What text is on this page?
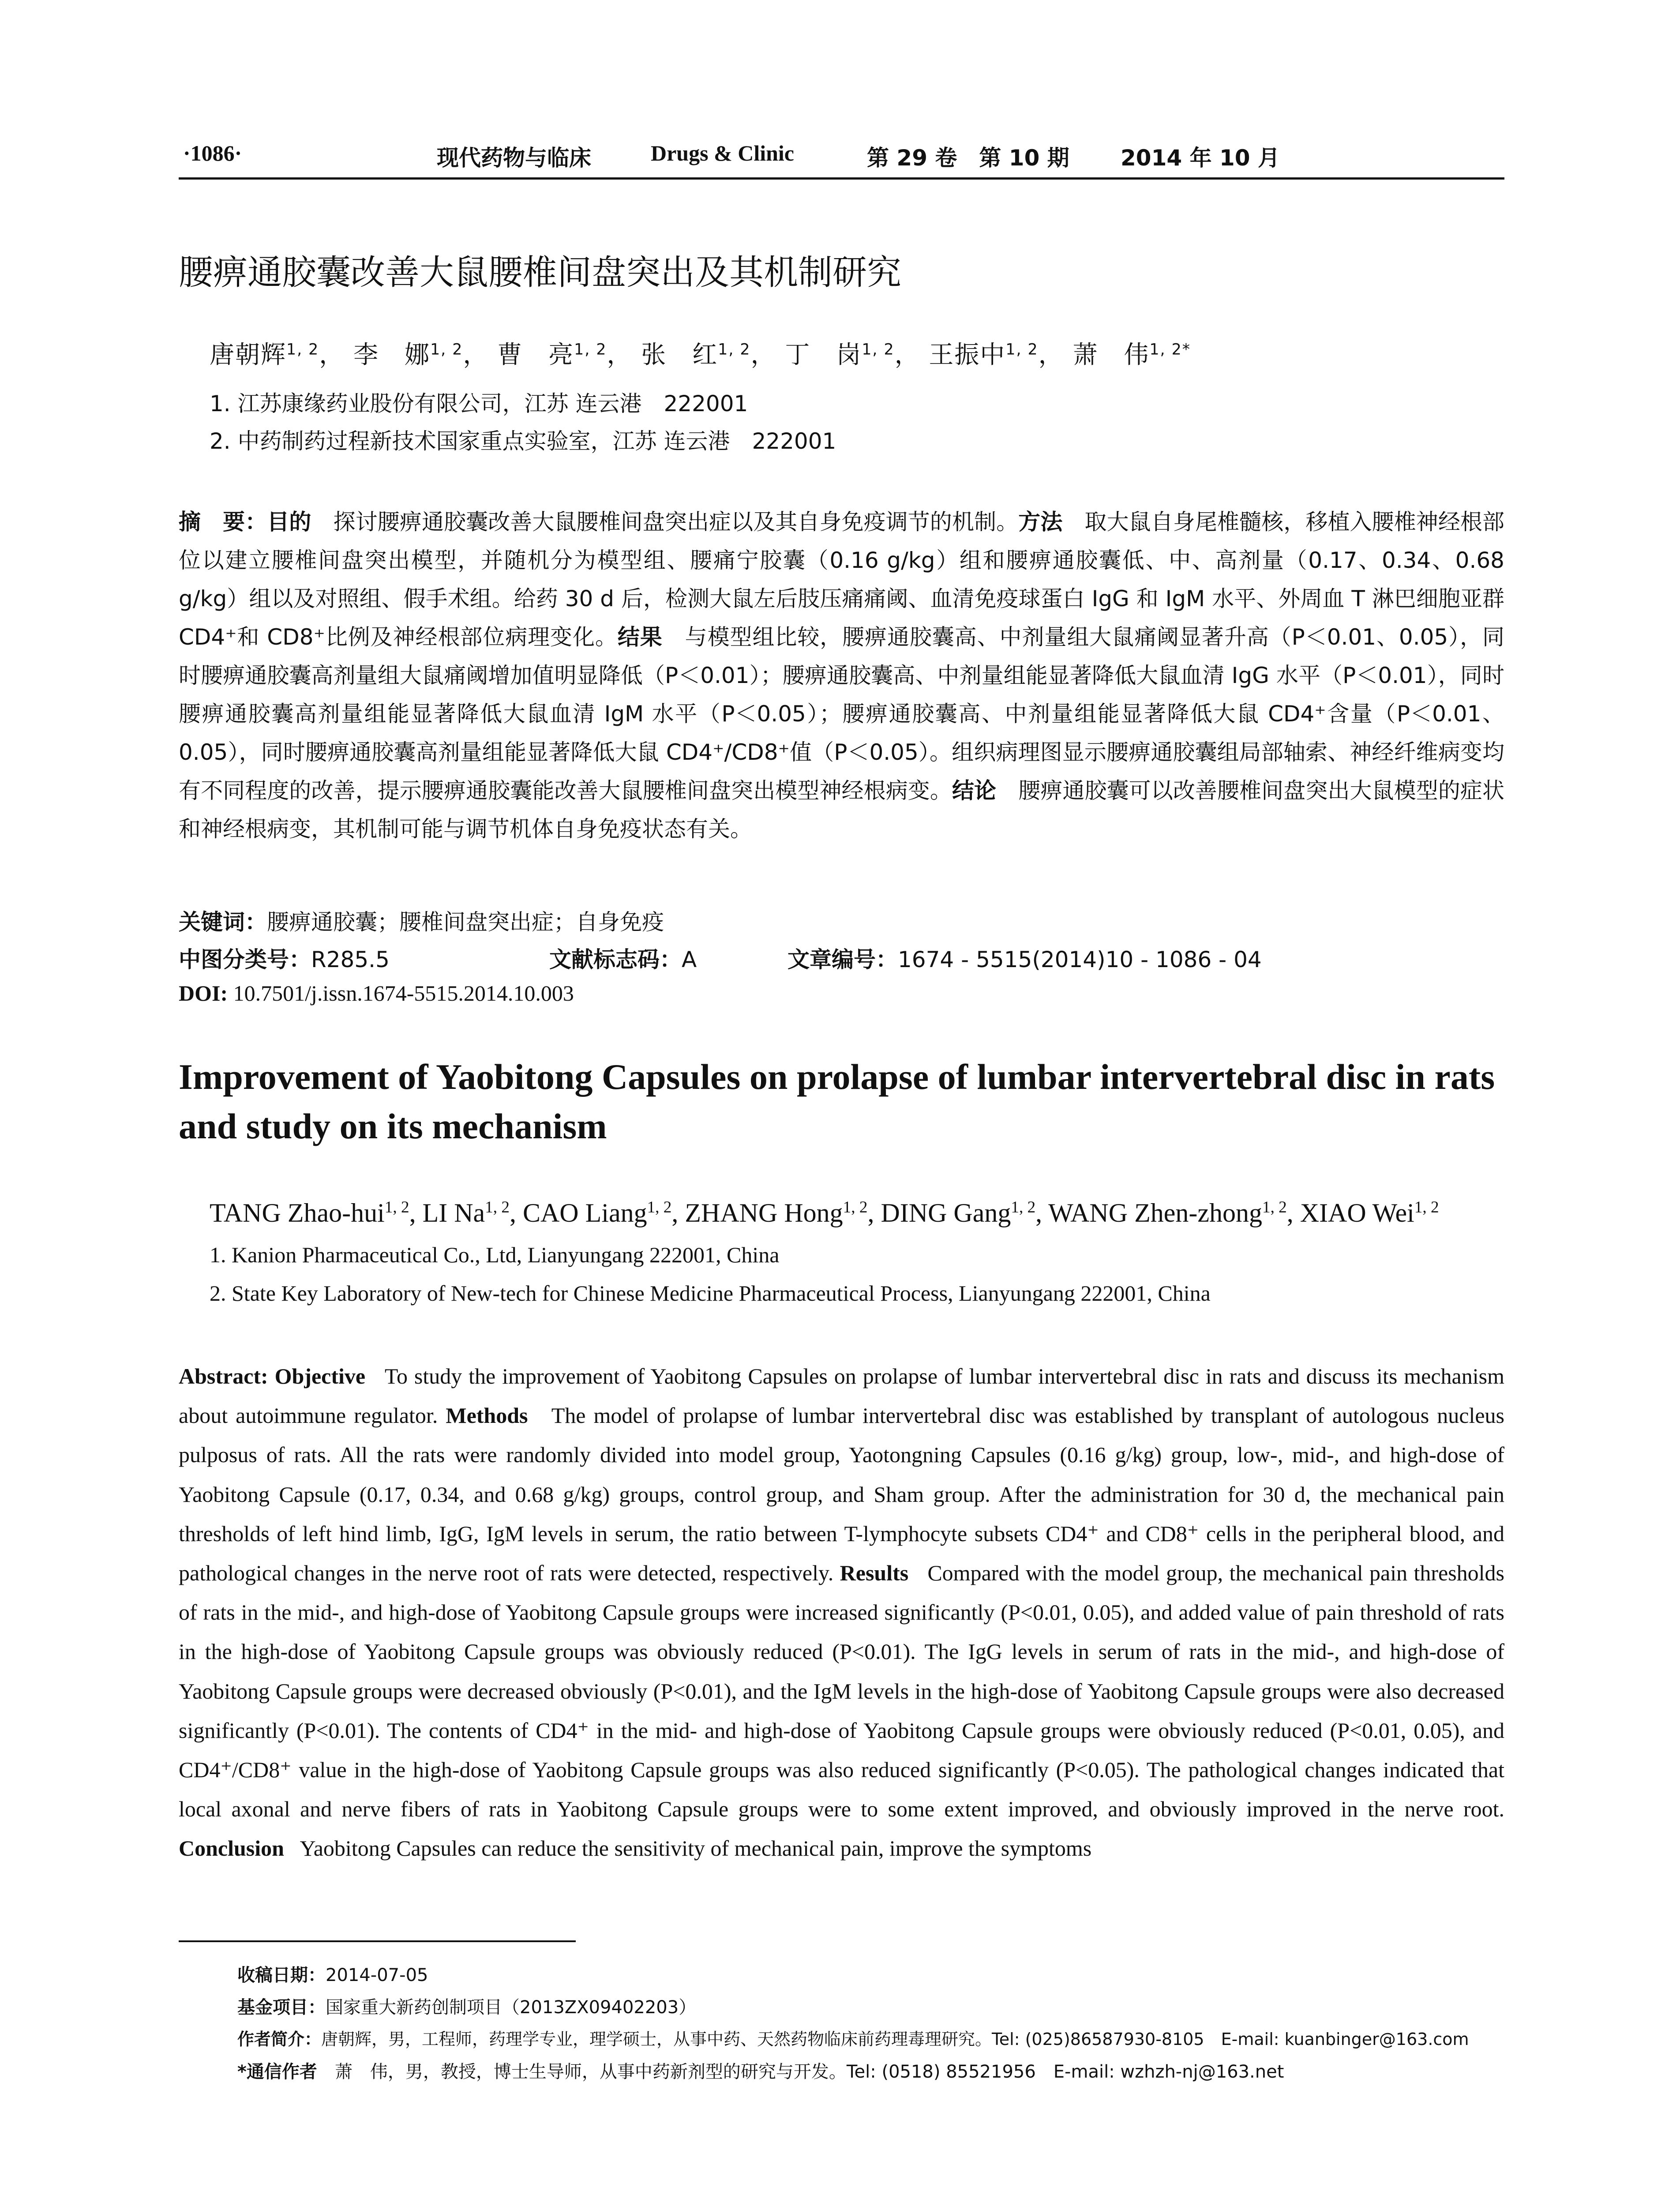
·1086·	现代药物与临床	Drugs & Clinic	第 29 卷　第 10 期 2014 年 10 月
腰痹通胶囊改善大鼠腰椎间盘突出及其机制研究
唐朝辉$^{1, 2}$， 李　娜$^{1, 2}$， 曹　亮$^{1, 2}$， 张　红$^{1, 2}$， 丁　岗$^{1, 2}$， 王振中$^{1, 2}$， 萧　伟$^{1, 2*}$
1. 江苏康缘药业股份有限公司，江苏 连云港　222001
2. 中药制药过程新技术国家重点实验室，江苏 连云港　222001
摘　要：目的　 探讨腰痹通胶囊改善大鼠腰椎间盘突出症以及其自身免疫调节的机制。方法　 取大鼠自身尾椎髓核，移植入腰椎神经根部位以建立腰椎间盘突出模型，并随机分为模型组、腰痛宁胶囊（0.16 g/kg）组和腰痹通胶囊低、中、高剂量（0.17、0.34、0.68 g/kg）组以及对照组、假手术组。给药 30 d 后，检测大鼠左后肢压痛痛阈、血清免疫球蛋白 IgG 和 IgM 水平、外周血 T 淋巴细胞亚群 CD4⁺和 CD8⁺比例及神经根部位病理变化。结果　 与模型组比较，腰痹通胶囊高、中剂量组大鼠痛阈显著升高（P＜0.01、0.05），同时腰痹通胶囊高剂量组大鼠痛阈增加值明显降低（P＜0.01）；腰痹通胶囊高、中剂量组能显著降低大鼠血清 IgG 水平（P＜0.01），同时腰痹通胶囊高剂量组能显著降低大鼠血清 IgM 水平（P＜0.05）；腰痹通胶囊高、中剂量组能显著降低大鼠 CD4⁺含量（P＜0.01、0.05），同时腰痹通胶囊高剂量组能显著降低大鼠 CD4⁺/CD8⁺值（P＜0.05）。组织病理图显示腰痹通胶囊组局部轴索、神经纤维病变均有不同程度的改善，提示腰痹通胶囊能改善大鼠腰椎间盘突出模型神经根病变。结论　 腰痹通胶囊可以改善腰椎间盘突出大鼠模型的症状和神经根病变，其机制可能与调节机体自身免疫状态有关。
关键词：腰痹通胶囊；腰椎间盘突出症；自身免疫
中图分类号：R285.5	文献标志码：A	文章编号：1674 - 5515(2014)10 - 1086 - 04
DOI: 10.7501/j.issn.1674-5515.2014.10.003
Improvement of Yaobitong Capsules on prolapse of lumbar intervertebral disc in rats and study on its mechanism
TANG Zhao-hui$^{1, 2}$, LI Na$^{1, 2}$, CAO Liang$^{1, 2}$, ZHANG Hong$^{1, 2}$, DING Gang$^{1, 2}$, WANG Zhen-zhong$^{1, 2}$, XIAO Wei$^{1, 2}$
1. Kanion Pharmaceutical Co., Ltd, Lianyungang 222001, China
2. State Key Laboratory of New-tech for Chinese Medicine Pharmaceutical Process, Lianyungang 222001, China
Abstract: Objective To study the improvement of Yaobitong Capsules on prolapse of lumbar intervertebral disc in rats and discuss its mechanism about autoimmune regulator. Methods The model of prolapse of lumbar intervertebral disc was established by transplant of autologous nucleus pulposus of rats. All the rats were randomly divided into model group, Yaotongning Capsules (0.16 g/kg) group, low-, mid-, and high-dose of Yaobitong Capsule (0.17, 0.34, and 0.68 g/kg) groups, control group, and Sham group. After the administration for 30 d, the mechanical pain thresholds of left hind limb, IgG, IgM levels in serum, the ratio between T-lymphocyte subsets CD4⁺ and CD8⁺ cells in the peripheral blood, and pathological changes in the nerve root of rats were detected, respectively. Results Compared with the model group, the mechanical pain thresholds of rats in the mid-, and high-dose of Yaobitong Capsule groups were increased significantly (P<0.01, 0.05), and added value of pain threshold of rats in the high-dose of Yaobitong Capsule groups was obviously reduced (P<0.01). The IgG levels in serum of rats in the mid-, and high-dose of Yaobitong Capsule groups were decreased obviously (P<0.01), and the IgM levels in the high-dose of Yaobitong Capsule groups were also decreased significantly (P<0.01). The contents of CD4⁺ in the mid- and high-dose of Yaobitong Capsule groups were obviously reduced (P<0.01, 0.05), and CD4⁺/CD8⁺ value in the high-dose of Yaobitong Capsule groups was also reduced significantly (P<0.05). The pathological changes indicated that local axonal and nerve fibers of rats in Yaobitong Capsule groups were to some extent improved, and obviously improved in the nerve root. Conclusion Yaobitong Capsules can reduce the sensitivity of mechanical pain, improve the symptoms
收稿日期：2014-07-05
基金项目：国家重大新药创制项目（2013ZX09402203）
作者简介：唐朝辉，男，工程师，药理学专业，理学硕士，从事中药、天然药物临床前药理毒理研究。Tel: (025)86587930-8105　E-mail: kuanbinger@163.com
*通信作者　 萧　伟，男，教授，博士生导师，从事中药新剂型的研究与开发。Tel: (0518) 85521956　E-mail: wzhzh-nj@163.net
